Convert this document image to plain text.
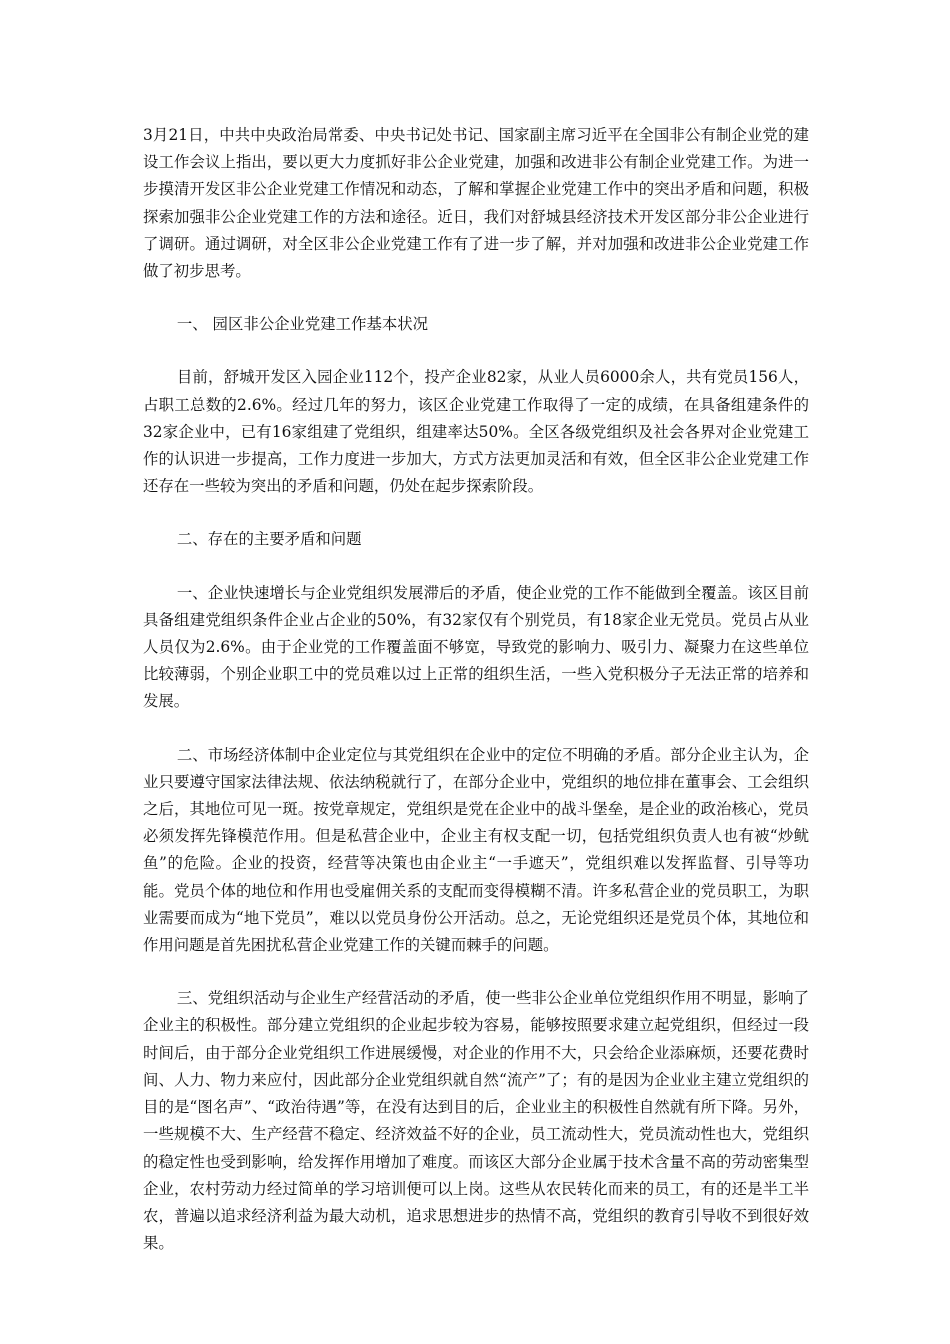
3月21日，中共中央政治局常委、中央书记处书记、国家副主席习近平在全国非公有制企业党的建设工作会议上指出，要以更大力度抓好非公企业党建，加强和改进非公有制企业党建工作。为进一步摸清开发区非公企业党建工作情况和动态，了解和掌握企业党建工作中的突出矛盾和问题，积极探索加强非公企业党建工作的方法和途径。近日，我们对舒城县经济技术开发区部分非公企业进行了调研。通过调研，对全区非公企业党建工作有了进一步了解，并对加强和改进非公企业党建工作做了初步思考。

一、 园区非公企业党建工作基本状况

目前，舒城开发区入园企业112个，投产企业82家，从业人员6000余人，共有党员156人，占职工总数的2.6%。经过几年的努力，该区企业党建工作取得了一定的成绩，在具备组建条件的32家企业中，已有16家组建了党组织，组建率达50%。全区各级党组织及社会各界对企业党建工作的认识进一步提高，工作力度进一步加大，方式方法更加灵活和有效，但全区非公企业党建工作还存在一些较为突出的矛盾和问题，仍处在起步探索阶段。

二、存在的主要矛盾和问题

一、企业快速增长与企业党组织发展滞后的矛盾，使企业党的工作不能做到全覆盖。该区目前具备组建党组织条件企业占企业的50%，有32家仅有个别党员，有18家企业无党员。党员占从业人员仅为2.6%。由于企业党的工作覆盖面不够宽，导致党的影响力、吸引力、凝聚力在这些单位比较薄弱，个别企业职工中的党员难以过上正常的组织生活，一些入党积极分子无法正常的培养和发展。

二、市场经济体制中企业定位与其党组织在企业中的定位不明确的矛盾。部分企业主认为，企业只要遵守国家法律法规、依法纳税就行了，在部分企业中，党组织的地位排在董事会、工会组织之后，其地位可见一斑。按党章规定，党组织是党在企业中的战斗堡垒，是企业的政治核心，党员必须发挥先锋模范作用。但是私营企业中，企业主有权支配一切，包括党组织负责人也有被“炒鱿鱼”的危险。企业的投资，经营等决策也由企业主“一手遮天”，党组织难以发挥监督、引导等功能。党员个体的地位和作用也受雇佣关系的支配而变得模糊不清。许多私营企业的党员职工，为职业需要而成为“地下党员”，难以以党员身份公开活动。总之，无论党组织还是党员个体，其地位和作用问题是首先困扰私营企业党建工作的关键而棘手的问题。

三、党组织活动与企业生产经营活动的矛盾，使一些非公企业单位党组织作用不明显，影响了企业主的积极性。部分建立党组织的企业起步较为容易，能够按照要求建立起党组织，但经过一段时间后，由于部分企业党组织工作进展缓慢，对企业的作用不大，只会给企业添麻烦，还要花费时间、人力、物力来应付，因此部分企业党组织就自然“流产”了；有的是因为企业业主建立党组织的目的是“图名声”、“政治待遇”等，在没有达到目的后，企业业主的积极性自然就有所下降。另外，一些规模不大、生产经营不稳定、经济效益不好的企业，员工流动性大，党员流动性也大，党组织的稳定性也受到影响，给发挥作用增加了难度。而该区大部分企业属于技术含量不高的劳动密集型企业，农村劳动力经过简单的学习培训便可以上岗。这些从农民转化而来的员工，有的还是半工半农，普遍以追求经济利益为最大动机，追求思想进步的热情不高，党组织的教育引导收不到很好效果。
